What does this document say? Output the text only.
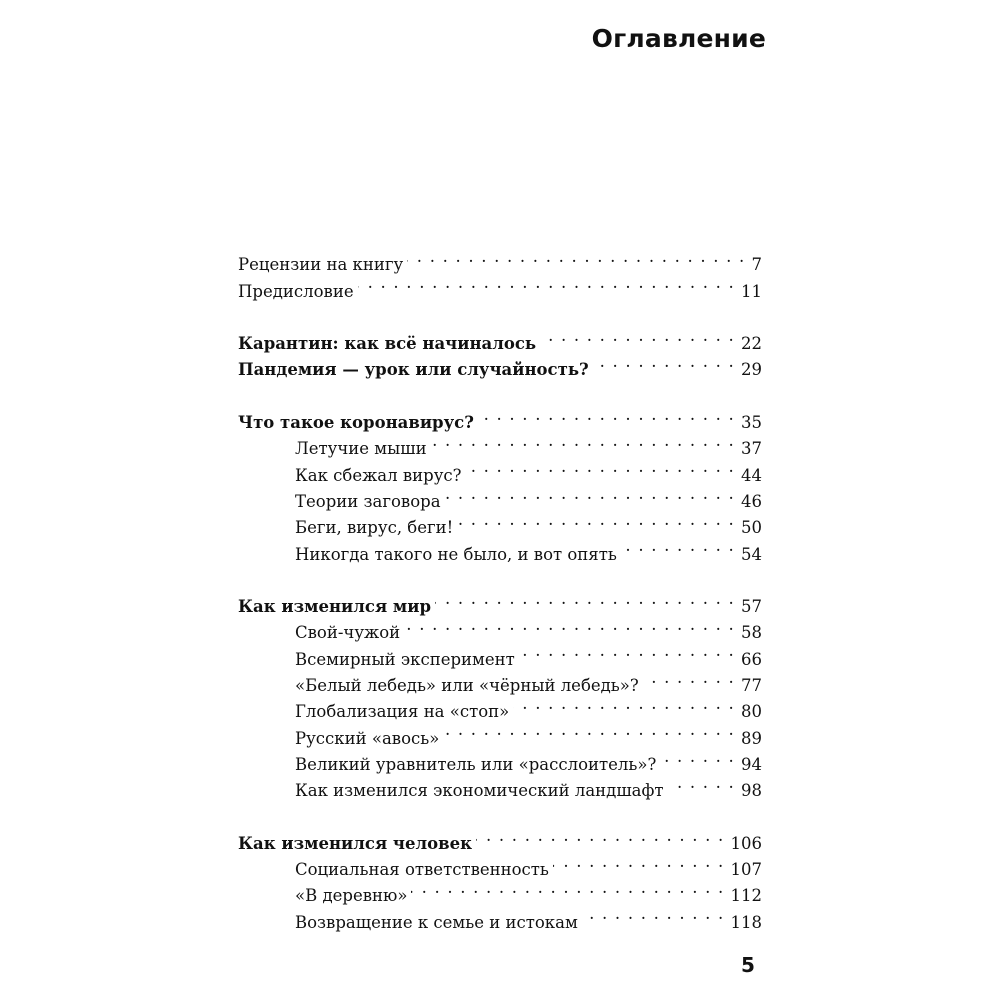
Оглавление
Рецензии на книгу . . .	7
Предисловие . . .	11
Карантин: как всё начиналось . . .	22
Пандемия — урок или случайность? . . .	29
Что такое коронавирус? . . .	35
Летучие мыши . . .	37
Как сбежал вирус? . . .	44
Теории заговора . . .	46
Беги, вирус, беги! . . .	50
Никогда такого не было, и вот опять . . .	54
Как изменился мир . . .	57
Свой-чужой . . .	58
Всемирный эксперимент . . .	66
«Белый лебедь» или «чёрный лебедь»? . . .	77
Глобализация на «стоп» . . .	80
Русский «авось» . . .	89
Великий уравнитель или «расслоитель»? . . .	94
Как изменился экономический ландшафт . . .	98
Как изменился человек . . .	106
Социальная ответственность . . .	107
«В деревню» . . .	112
Возвращение к семье и истокам . . .	118
5
